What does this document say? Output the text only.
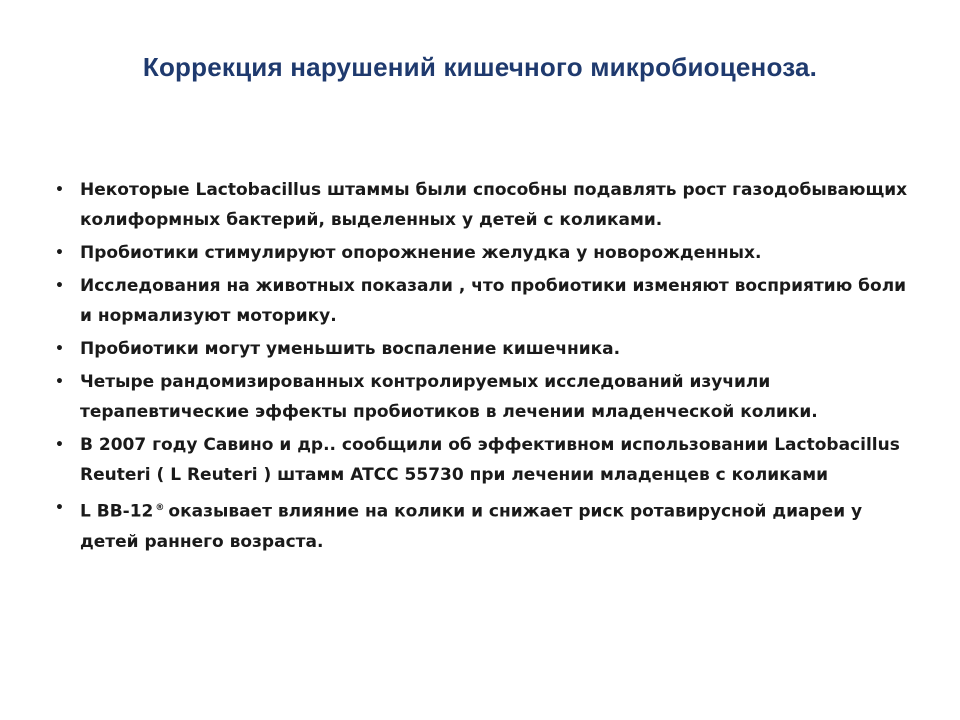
Коррекция нарушений кишечного микробиоценоза.
• Некоторые Lactobacillus штаммы были способны подавлять рост газодобывающих колиформных бактерий, выделенных у детей с коликами.
• Пробиотики стимулируют опорожнение желудка у новорожденных.
• Исследования на животных показали , что пробиотики изменяют восприятию боли и нормализуют моторику.
• Пробиотики могут уменьшить воспаление кишечника.
• Четыре рандомизированных контролируемых исследований изучили терапевтические эффекты пробиотиков в лечении младенческой колики.
• В 2007 году Савино и др.. сообщили об эффективном использовании Lactobacillus Reuteri ( L Reuteri ) штамм ATCC 55730 при лечении младенцев с коликами
• L BB-12 ® оказывает влияние на колики и снижает риск ротавирусной диареи у детей раннего возраста.
